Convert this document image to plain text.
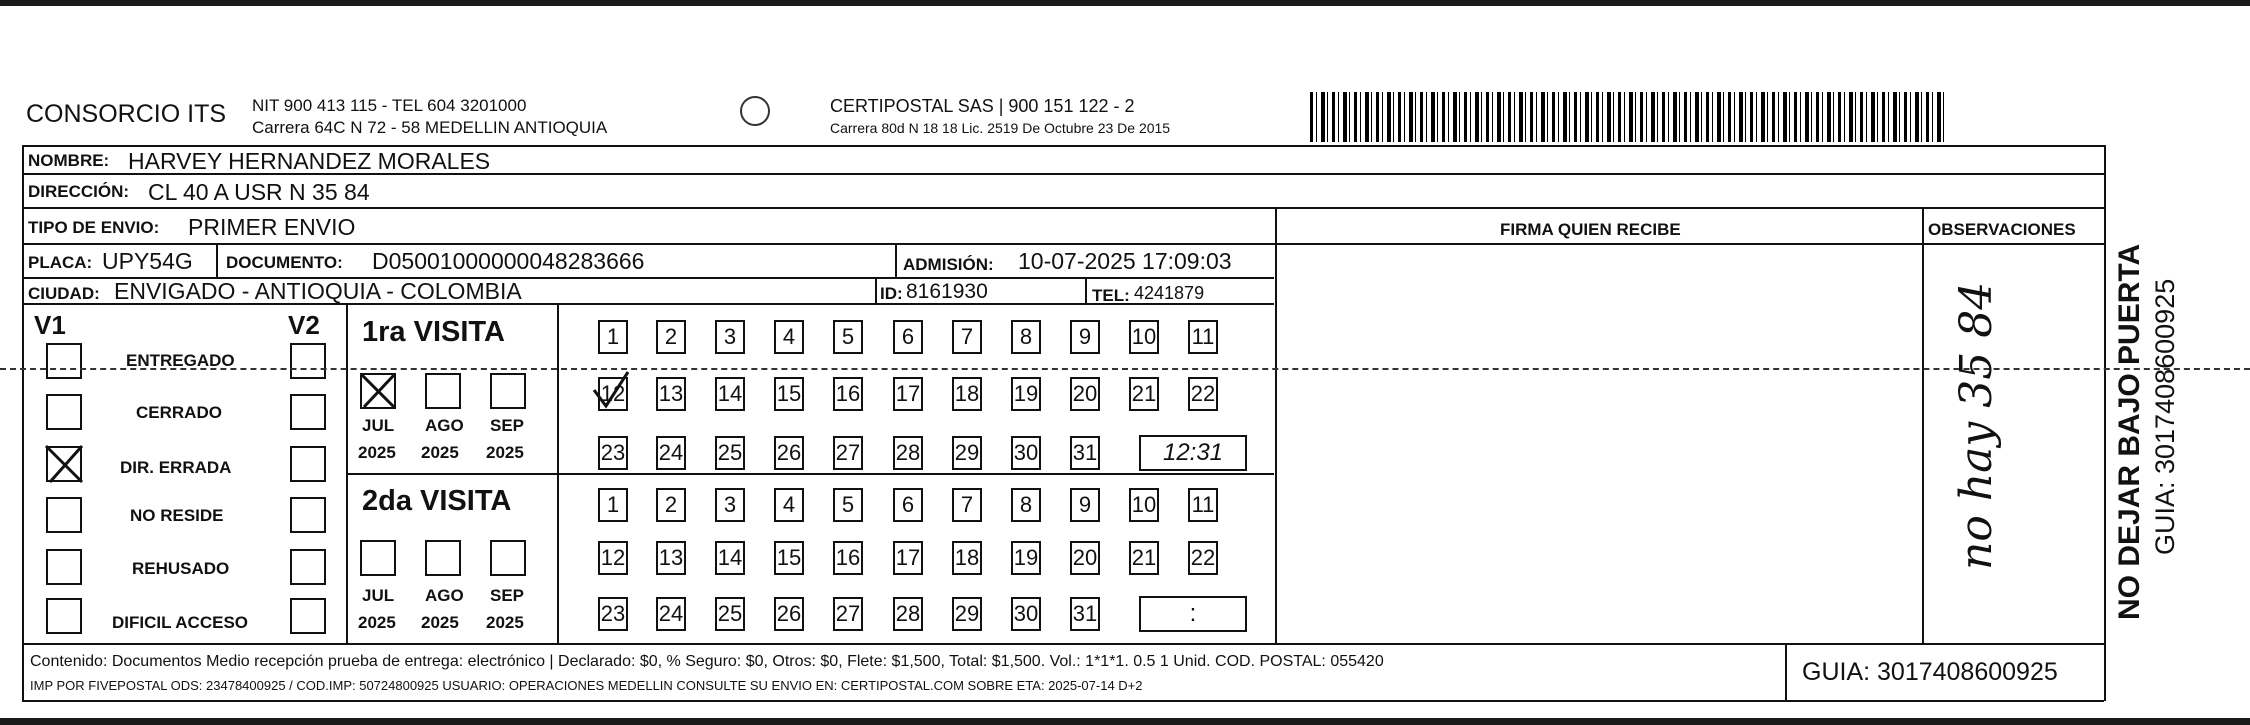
CONSORCIO ITS NIT 900 413 115 - TEL 604 3201000
Carrera 64C N 72 - 58 MEDELLIN ANTIOQUIA
CERTIPOSTAL SAS | 900 151 122 - 2
Carrera 80d N 18 18 Lic. 2519 De Octubre 23 De 2015
NOMBRE: HARVEY HERNANDEZ MORALES
DIRECCIÓN: CL 40 A USR N 35 84
TIPO DE ENVIO: PRIMER ENVIO	FIRMA QUIEN RECIBE	OBSERVACIONES
PLACA: UPY54G DOCUMENTO: D05001000000048283666	ADMISIÓN: 10-07-2025 17:09:03
CIUDAD: ENVIGADO - ANTIOQUIA - COLOMBIA	ID: 8161930	TEL: 4241879
V1	V2
ENTREGADO
CERRADO
DIR. ERRADA
NO RESIDE
REHUSADO
DIFICIL ACCESO
1ra VISITA
JUL AGO SEP
2025 2025 2025
2da VISITA
JUL AGO SEP
2025 2025 2025
1	2	3	4	5	6	7	8	9	10 11
12 13 14 15 16 17 18 19 20 21 22
23 24 25 26 27 28 29 30 31
1	2	3	4	5	6	7	8	9	10 11
12 13 14 15 16 17 18 19 20 21 22
23 24 25 26 27 28 29 30 31
12:31
:
no hay 35 84
Contenido: Documentos Medio recepción prueba de entrega: electrónico | Declarado: $0, % Seguro: $0, Otros: $0, Flete: $1,500, Total: $1,500. Vol.: 1*1*1. 0.5 1 Unid. COD. POSTAL: 055420
IMP POR FIVEPOSTAL ODS: 23478400925 / COD.IMP: 50724800925 USUARIO: OPERACIONES MEDELLIN CONSULTE SU ENVIO EN: CERTIPOSTAL.COM SOBRE ETA: 2025-07-14 D+2	GUIA: 3017408600925
NO DEJAR BAJO PUERTA GUIA: 3017408600925
